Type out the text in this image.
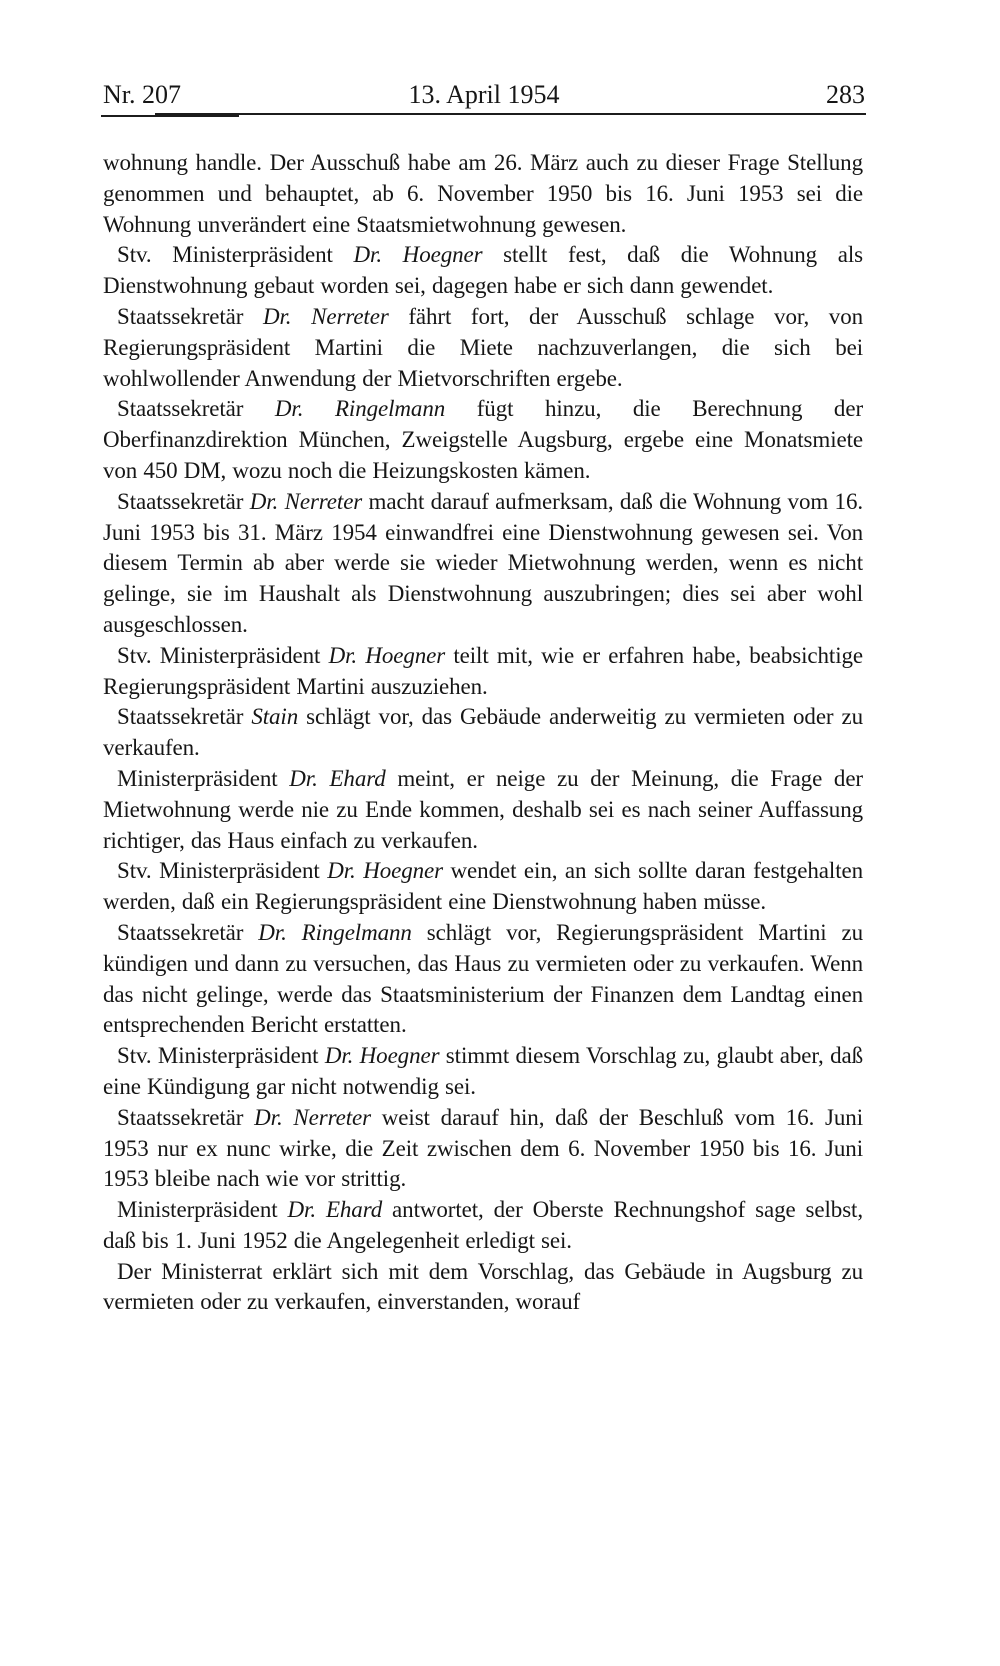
Nr. 207	13. April 1954	283

wohnung handle. Der Ausschuß habe am 26. März auch zu dieser Frage Stellung genommen und behauptet, ab 6. November 1950 bis 16. Juni 1953 sei die Wohnung unverändert eine Staatsmietwohnung gewesen.

Stv. Ministerpräsident Dr. Hoegner stellt fest, daß die Wohnung als Dienstwohnung gebaut worden sei, dagegen habe er sich dann gewendet.

Staatssekretär Dr. Nerreter fährt fort, der Ausschuß schlage vor, von Regierungspräsident Martini die Miete nachzuverlangen, die sich bei wohlwollender Anwendung der Mietvorschriften ergebe.

Staatssekretär Dr. Ringelmann fügt hinzu, die Berechnung der Oberfinanzdirektion München, Zweigstelle Augsburg, ergebe eine Monatsmiete von 450 DM, wozu noch die Heizungskosten kämen.

Staatssekretär Dr. Nerreter macht darauf aufmerksam, daß die Wohnung vom 16. Juni 1953 bis 31. März 1954 einwandfrei eine Dienstwohnung gewesen sei. Von diesem Termin ab aber werde sie wieder Mietwohnung werden, wenn es nicht gelinge, sie im Haushalt als Dienstwohnung auszubringen; dies sei aber wohl ausgeschlossen.

Stv. Ministerpräsident Dr. Hoegner teilt mit, wie er erfahren habe, beabsichtige Regierungspräsident Martini auszuziehen.

Staatssekretär Stain schlägt vor, das Gebäude anderweitig zu vermieten oder zu verkaufen.

Ministerpräsident Dr. Ehard meint, er neige zu der Meinung, die Frage der Mietwohnung werde nie zu Ende kommen, deshalb sei es nach seiner Auffassung richtiger, das Haus einfach zu verkaufen.

Stv. Ministerpräsident Dr. Hoegner wendet ein, an sich sollte daran festgehalten werden, daß ein Regierungspräsident eine Dienstwohnung haben müsse.

Staatssekretär Dr. Ringelmann schlägt vor, Regierungspräsident Martini zu kündigen und dann zu versuchen, das Haus zu vermieten oder zu verkaufen. Wenn das nicht gelinge, werde das Staatsministerium der Finanzen dem Landtag einen entsprechenden Bericht erstatten.

Stv. Ministerpräsident Dr. Hoegner stimmt diesem Vorschlag zu, glaubt aber, daß eine Kündigung gar nicht notwendig sei.

Staatssekretär Dr. Nerreter weist darauf hin, daß der Beschluß vom 16. Juni 1953 nur ex nunc wirke, die Zeit zwischen dem 6. November 1950 bis 16. Juni 1953 bleibe nach wie vor strittig.

Ministerpräsident Dr. Ehard antwortet, der Oberste Rechnungshof sage selbst, daß bis 1. Juni 1952 die Angelegenheit erledigt sei.

Der Ministerrat erklärt sich mit dem Vorschlag, das Gebäude in Augsburg zu vermieten oder zu verkaufen, einverstanden, worauf
